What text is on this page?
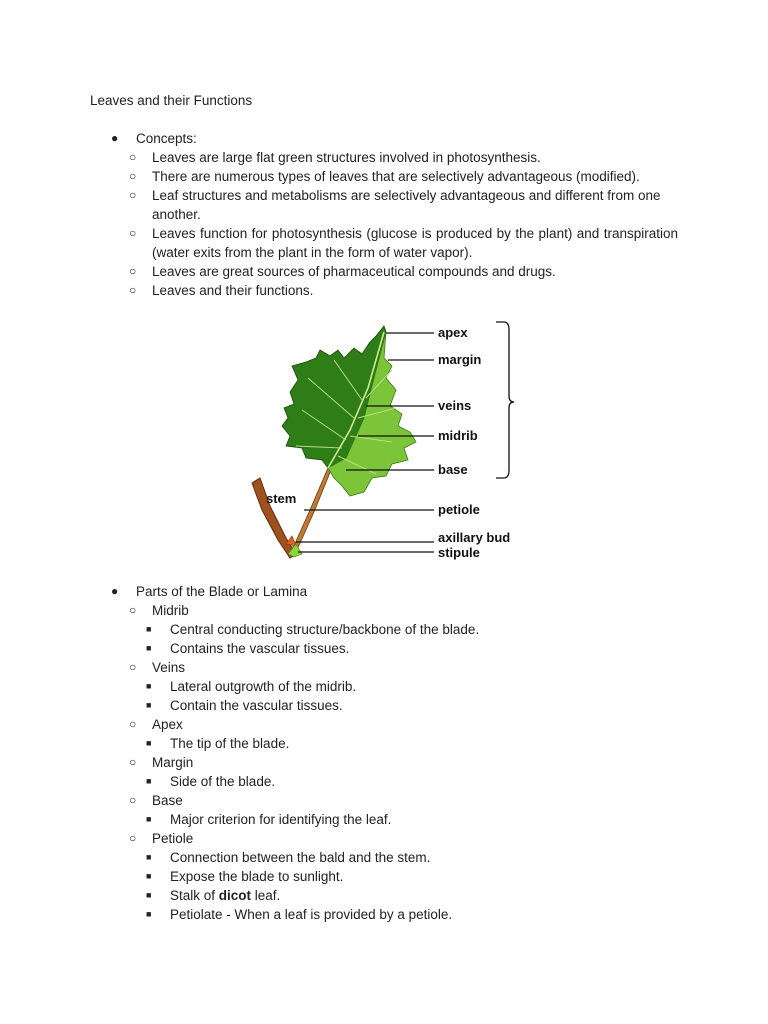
Leaves and their Functions
● Concepts:
○ Leaves are large flat green structures involved in photosynthesis.
○ There are numerous types of leaves that are selectively advantageous (modified).
○ Leaf structures and metabolisms are selectively advantageous and different from one another.
○ Leaves function for photosynthesis (glucose is produced by the plant) and transpiration (water exits from the plant in the form of water vapor).
○ Leaves are great sources of pharmaceutical compounds and drugs.
○ Leaves and their functions.
apex
margin
veins
midrib
base
petiole
axillary bud
stipule
stem
● Parts of the Blade or Lamina
○ Midrib
■ Central conducting structure/backbone of the blade.
■ Contains the vascular tissues.
○ Veins
■ Lateral outgrowth of the midrib.
■ Contain the vascular tissues.
○ Apex
■ The tip of the blade.
○ Margin
■ Side of the blade.
○ Base
■ Major criterion for identifying the leaf.
○ Petiole
■ Connection between the bald and the stem.
■ Expose the blade to sunlight.
■ Stalk of dicot leaf.
■ Petiolate - When a leaf is provided by a petiole.
